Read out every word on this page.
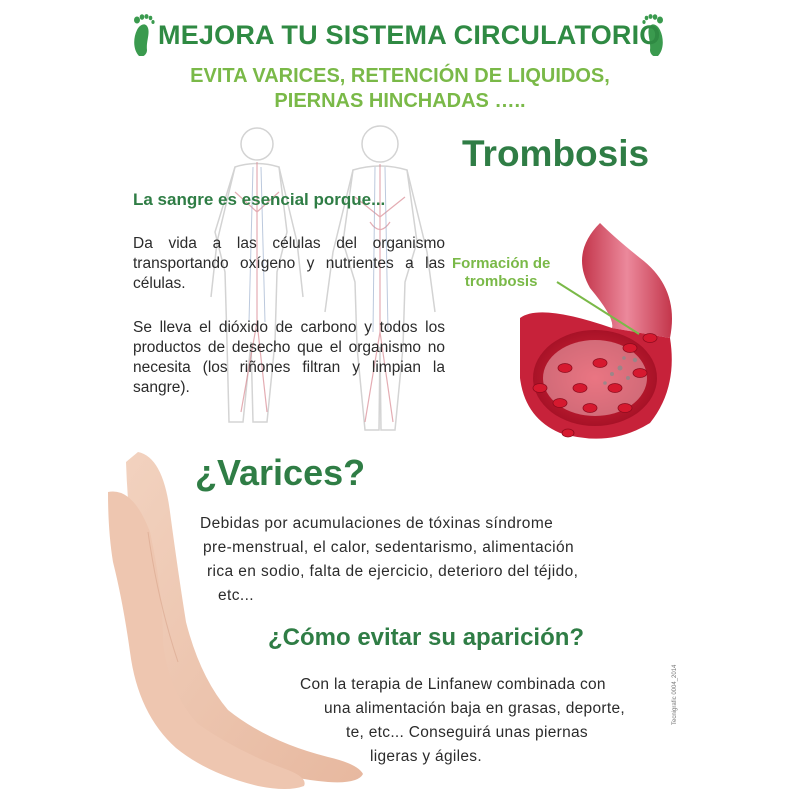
MEJORA TU SISTEMA CIRCULATORIO
EVITA VARICES, RETENCIÓN DE LIQUIDOS,
PIERNAS HINCHADAS …..
Trombosis
La sangre es esencial porque...
Da vida a las células del organismo transportando oxígeno y nutrientes a las células.
Se lleva el dióxido de carbono y todos los productos de desecho que el organismo no necesita (los riñones filtran y limpian la sangre).
Formación de
trombosis
¿Varices?
Debidas por acumulaciones de tóxinas síndrome
pre-menstrual, el calor, sedentarismo, alimentación
rica en sodio, falta de ejercicio, deterioro del téjido,
etc...
¿Cómo evitar su aparición?
Con la terapia de Linfanew combinada con
una alimentación baja en grasas, deporte,
te, etc... Conseguirá unas piernas
ligeras y ágiles.
Tecnigrafic 0004_2014
